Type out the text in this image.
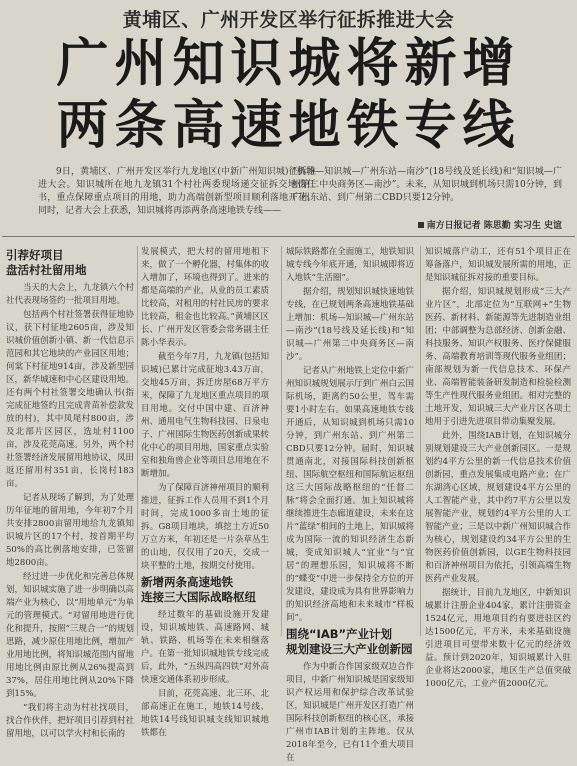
黄埔区、广州开发区举行征拆推进大会
广州知识城将新增
两条高速地铁专线
9日，黄埔区、广州开发区举行九龙地区(中新广州知识城)征拆推进大会。知识城所在地九龙镇31个村社两委现场递交征拆交地责任书，重点保障重点项目的用地，助力高端创新型项目顺利落地开花。同时，记者大会上获悉，知识城将再添两条高速地铁专线——
“机场—知识城—广州东站—南沙”(18号线及延长线)和“知识城—广州第二中央商务区—南沙”。未来，从知识城到机场只需10分钟，到广州东站、到广州第二CBD只要12分钟。
南方日报记者 陈思勤 实习生 史谊
引荐好项目
盘活村社留用地

当天的大会上，九龙镇六个村社代表现场签约一批项目用地。

包括两个村社签署获得征地协议，获下村征地2605亩，涉及知识城价值创新小镇、新一代信息示范园和其它地块的产业园区用地；何棠下村征地914亩，涉及新型园区，新华城速和中心区建设用地。还有两个村社签署交地确认书(指完成征地签约且完成青苗补偿款发放的村)，其中凤尾村800亩，涉及北部片区园区，选址村1100亩，涉及花莞高速。另外，两个村社签署经济发展留用地协议，凤田返还留用村351亩，长岗村183亩。

记者从现场了解到，为了处理历年征地的留用地，今年初7个月共安排2800亩留用地给九龙镇知识城片区的17个村，按首期平均50%的高比例落地安排，已签留地2800亩。

经过进一步优化和完善总体规划，知识城实施了进一步明确以高端产业为核心，以“用地单元”为单元的管理模式。“对留用地进行优化和提升，按照“三规合一”的规划思路，减少原住用地比例，增加产业用地比例，将知识城范围内留地用地比例由原比例从26%提高到37%，居住用地比例从20%下降到15%。

“我们将主动为村社找项目，找合作伙伴，把好项目引荐到村社留用地，以可以学火村和长南的

发展模式，把大村的留用地租下来，做了一个孵化器，村集体的收入增加了，环境也得到了。进来的都是高端的产业，从业的员工素质比较高，对租用的村社民房的要求比较高，租金也比较高。”黄埔区区长、广州开发区管委会常务副主任陈小华表示。

截至今年7月，九龙镇(包括知识城)已累计完成征地3.43万亩，交地45万亩，拆迁房屋68万平方米，保障了九龙地区重点项目的项目用地。交付中国中建、百济神州、通用电气生物科技园、日泉电子、广州国际生物医药创新成果转化中心的项目用地，国家重点实验室和独角兽企业等项目总用地在不断增加。

为了保障百济神州项目的顺利推进，征拆工作人员用不到1个月时间，完成1000多亩土地的征拆。G8项目地块，填挖土方近50万立方米，年初还是一片杂草丛生的山地，仅仅用了20天，交成一块平整的土地，按期交付使用。

新增两条高速地铁
连接三大国际战略枢纽

经过数年的基础设施开发建设，知识城地铁、高速路网、城轨、铁路、机场等在未来相继落户。在第一批知识城地铁专线完成后，此外，“五纵四高四铁”对外高快速交通体系初步形成。

目前，花莞高速、北三环、北部高速正在施工，地铁14号线、地铁14号线知识城支线知识城地铁都在

城际铁路都在全面施工，地铁知识城专线今年底开通，知识城即将迈入地铁“生活圈”。

据介绍，规划知识城快速地铁专线，在已规划两条高速地铁基础上增加：机场—知识城—广州东站—南沙”(18号线及延长线)和“知识城—广州第二中央商务区—南沙”。

记者从广州地铁上定位中新广州知识城规划展示厅到广州白云国际机场，距离约50公里，驾车需要1小时左右。如果高速地铁专线开通后，从知识城到机场只需10分钟，到广州东站、到广州第二CBD只要12分钟。届时，知识城贯通南北，对接国际科技创新枢纽、国际航空枢纽和国际航运枢纽这三大国际战略枢纽的“任督二脉”将会全面打通。加上知识城将继续推进生态廊道建设，未来在这片“蓝绿”相间的土地上，知识城将成为国际一流的知识经济生态新城，变成知识城人“宜业”与“宜居”的理想乐园，知识城将不断的“蝶变”中进一步保持全方位的开发建设，建设成为具有世界影响力的知识经济高地和未来城市“样板间”。

围绕“IAB”产业计划
规划建设三大产业创新园

作为中新合作国家级双边合作项目，中新广州知识城是国家级知识产权运用和保护综合改革试验区，知识城是广州开发区打造广州国际科技创新枢纽的核心区，承接广州市IAB计划的主阵地。仅从2018年至今，已有11个重大项目在

知识城落户动工，还有51个项目正在筹备落户，知识城发展所需的用地，正是知识城征拆对接的重要目标。

据介绍，知识城规划形成“三大产业片区”，北部定位为“互联网+”生物医药、新材料、新能源等先进制造业组团；中部调整为总部经济、创新金融、科技服务、知识产权服务、医疗保健服务、高端教育培训等现代服务业组团；南部规划为新一代信息技术、环保产业、高端智能装备研发制造和检验检测等生产性现代服务业组团。相对完整的土地开发，知识城三大产业片区各项土地用于引进先进项目带动集聚发展。

此外，围绕IAB计划，在知识城分别规划建设三大产业创新园区。一是规划约4平方公里的新一代信息技术价值创新园，重点发展集成电路产业；在广东湖湾心区域，规划建设4平方公里的人工智能产业，其中约7平方公里以发展智能产业，规划约4平方公里的人工智能产业；三是以中新广州知识城合作为核心，规划建设约34平方公里的生物医药价值创新园，以GE生物科技园和百济神州项目为依托，引领高端生物医药产业发展。

据统计，目前九龙地区，中新知识城累计注册企业404家，累计注册资金1524亿元，用地项目约有要进驻区约达1500亿元，平方米，未来基础设施引进项目可望带来数十亿元的经济效益。预计到2020年，知识城累计入驻企业将达2000家，地区生产总值突破1000亿元，工业产值2000亿元。
